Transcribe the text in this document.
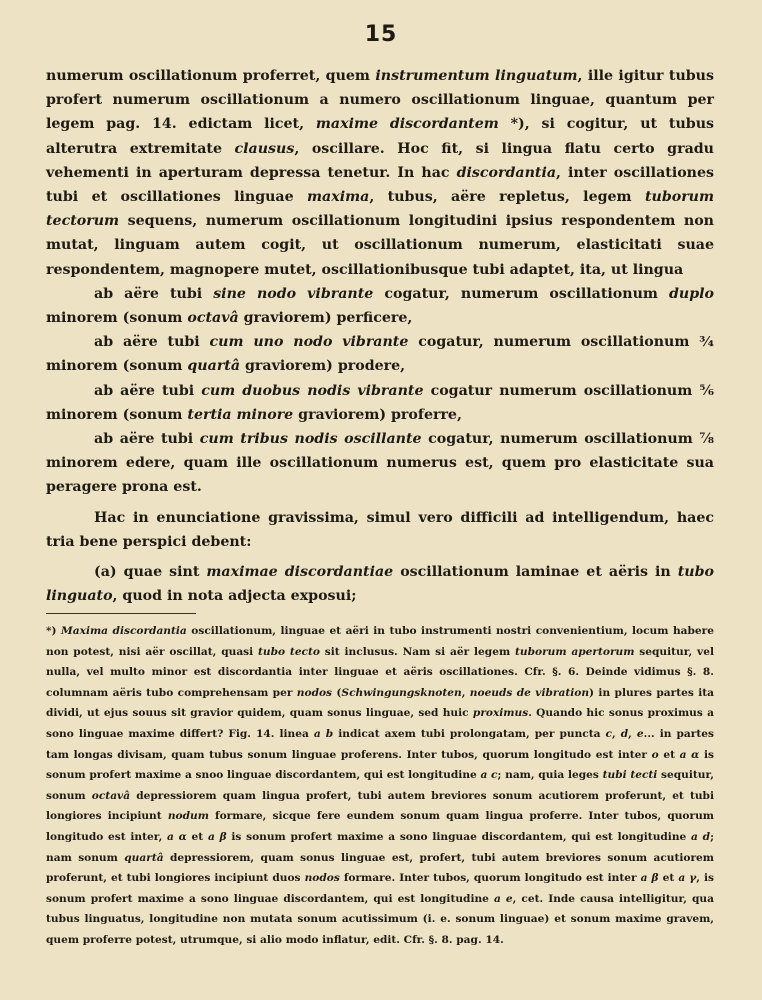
15

numerum oscillationum proferret, quem instrumentum linguatum, ille igitur tubus profert numerum oscillationum a numero oscillationum linguae, quantum per legem pag. 14. edictam licet, maxime discordantem *), si cogitur, ut tubus alterutra extremitate clausus, oscillare. Hoc fit, si lingua flatu certo gradu vehementi in aperturam depressa tenetur. In hac discordantia, inter oscillationes tubi et oscillationes linguae maxima, tubus, aëre repletus, legem tuborum tectorum sequens, numerum oscillationum longitudini ipsius respondentem non mutat, linguam autem cogit, ut oscillationum numerum, elasticitati suae respondentem, magnopere mutet, oscillationibusque tubi adaptet, ita, ut lingua

ab aëre tubi sine nodo vibrante cogatur, numerum oscillationum duplo minorem (sonum octavâ graviorem) perficere,

ab aëre tubi cum uno nodo vibrante cogatur, numerum oscillationum ¾ minorem (sonum quartâ graviorem) prodere,

ab aëre tubi cum duobus nodis vibrante cogatur numerum oscillationum ⅚ minorem (sonum tertia minore graviorem) proferre,

ab aëre tubi cum tribus nodis oscillante cogatur, numerum oscillationum ⅞ minorem edere, quam ille oscillationum numerus est, quem pro elasticitate sua peragere prona est.

Hac in enunciatione gravissima, simul vero difficili ad intelligendum, haec tria bene perspici debent:

(a) quae sint maximae discordantiae oscillationum laminae et aëris in tubo linguato, quod in nota adjecta exposui;

*) Maxima discordantia oscillationum, linguae et aëri in tubo instrumenti nostri convenientium, locum habere non potest, nisi aër oscillat, quasi tubo tecto sit inclusus. Nam si aër legem tuborum apertorum sequitur, vel nulla, vel multo minor est discordantia inter linguae et aëris oscillationes. Cfr. §. 6. Deinde vidimus §. 8. columnam aëris tubo comprehensam per nodos (Schwingungsknoten, noeuds de vibration) in plures partes ita dividi, ut ejus souus sit gravior quidem, quam sonus linguae, sed huic proximus. Quando hic sonus proximus a sono linguae maxime differt? Fig. 14. linea a b indicat axem tubi prolongatam, per puncta c, d, e... in partes tam longas divisam, quam tubus sonum linguae proferens. Inter tubos, quorum longitudo est inter o et a α is sonum profert maxime a snoo linguae discordantem, qui est longitudine a c; nam, quia leges tubi tecti sequitur, sonum octavâ depressiorem quam lingua profert, tubi autem breviores sonum acutiorem proferunt, et tubi longiores incipiunt nodum formare, sicque fere eundem sonum quam lingua proferre. Inter tubos, quorum longitudo est inter, a α et a β is sonum profert maxime a sono linguae discordantem, qui est longitudine a d; nam sonum quartâ depressiorem, quam sonus linguae est, profert, tubi autem breviores sonum acutiorem proferunt, et tubi longiores incipiunt duos nodos formare. Inter tubos, quorum longitudo est inter a β et a γ, is sonum profert maxime a sono linguae discordantem, qui est longitudine a e, cet. Inde causa intelligitur, qua tubus linguatus, longitudine non mutata sonum acutissimum (i. e. sonum linguae) et sonum maxime gravem, quem proferre potest, utrumque, si alio modo inflatur, edit. Cfr. §. 8. pag. 14.
